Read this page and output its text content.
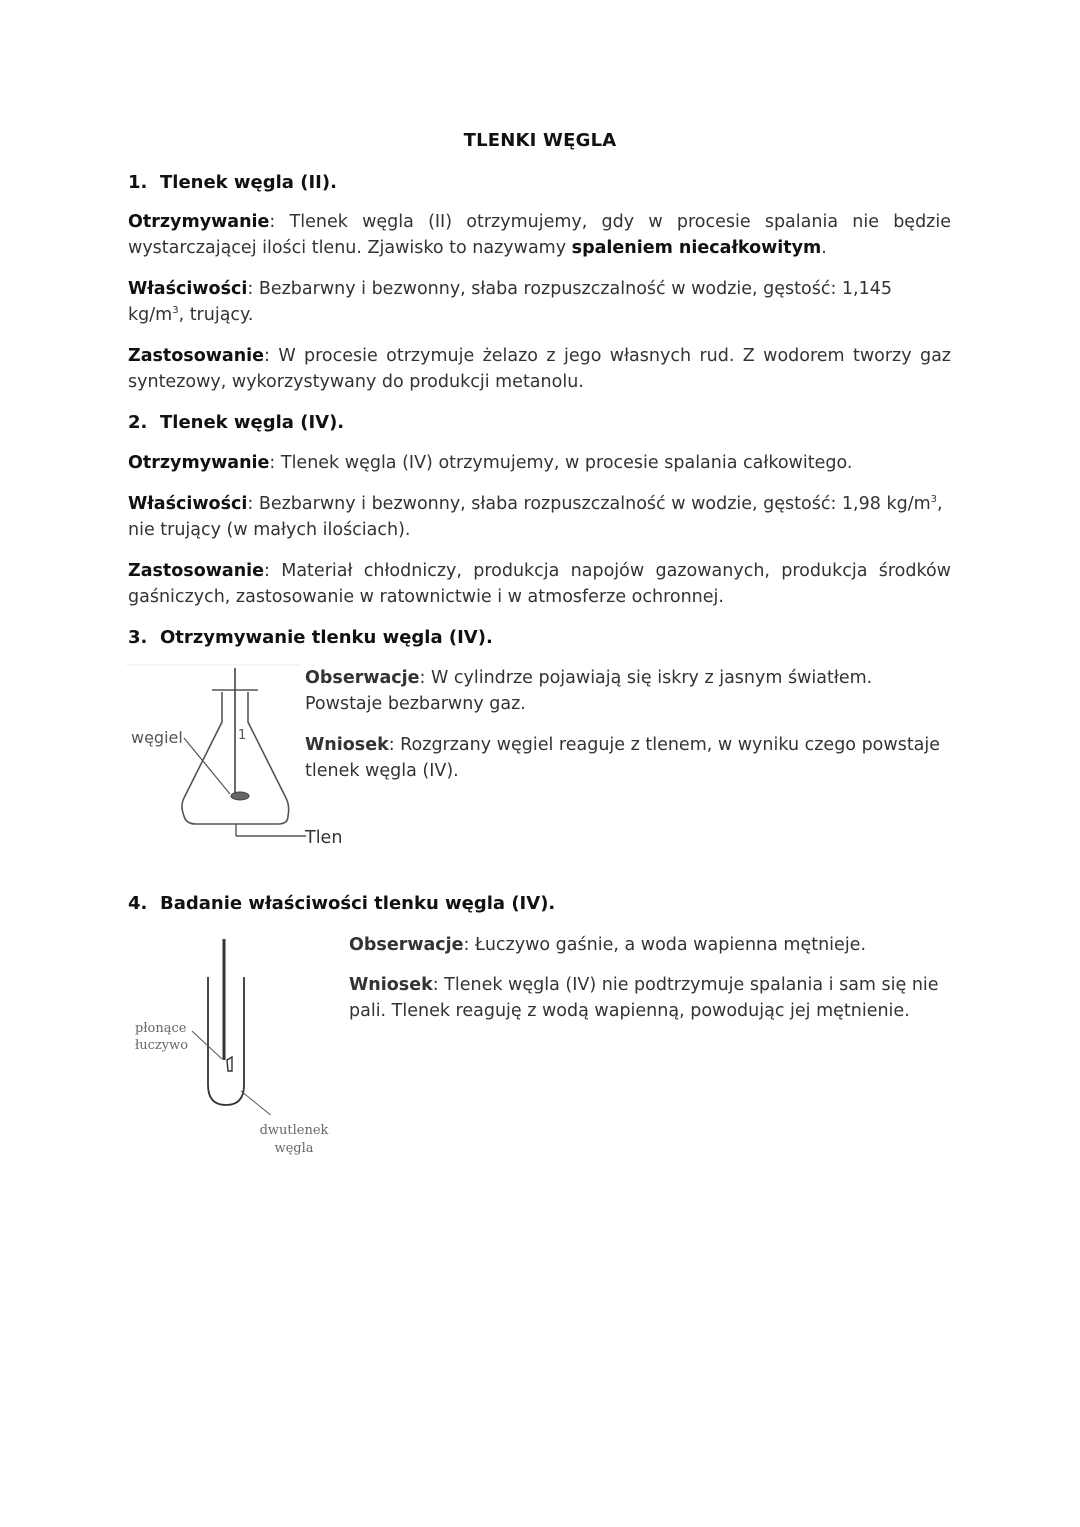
TLENKI WĘGLA
1. Tlenek węgla (II).
Otrzymywanie: Tlenek węgla (II) otrzymujemy, gdy w procesie spalania nie będzie wystarczającej ilości tlenu. Zjawisko to nazywamy spaleniem niecałkowitym.
Właściwości: Bezbarwny i bezwonny, słaba rozpuszczalność w wodzie, gęstość: 1,145 $kg/m^3$, trujący.
Zastosowanie: W procesie otrzymuje żelazo z jego własnych rud. Z wodorem tworzy gaz syntezowy, wykorzystywany do produkcji metanolu.
2. Tlenek węgla (IV).
Otrzymywanie: Tlenek węgla (IV) otrzymujemy, w procesie spalania całkowitego.
Właściwości: Bezbarwny i bezwonny, słaba rozpuszczalność w wodzie, gęstość: 1,98 $kg/m^3$, nie trujący (w małych ilościach).
Zastosowanie: Materiał chłodniczy, produkcja napojów gazowanych, produkcja środków gaśniczych, zastosowanie w ratownictwie i w atmosferze ochronnej.
3. Otrzymywanie tlenku węgla (IV).
węgiel	1
Obserwacje: W cylindrze pojawiają się iskry z jasnym światłem. Powstaje bezbarwny gaz.
Wniosek: Rozgrzany węgiel reaguje z tlenem, w wyniku czego powstaje tlenek węgla (IV).
Tlen
4. Badanie właściwości tlenku węgla (IV).
płonące
łuczywo
dwutlenek
węgla
Obserwacje: Łuczywo gaśnie, a woda wapienna mętnieje.
Wniosek: Tlenek węgla (IV) nie podtrzymuje spalania i sam się nie pali. Tlenek reaguję z wodą wapienną, powodując jej mętnienie.
